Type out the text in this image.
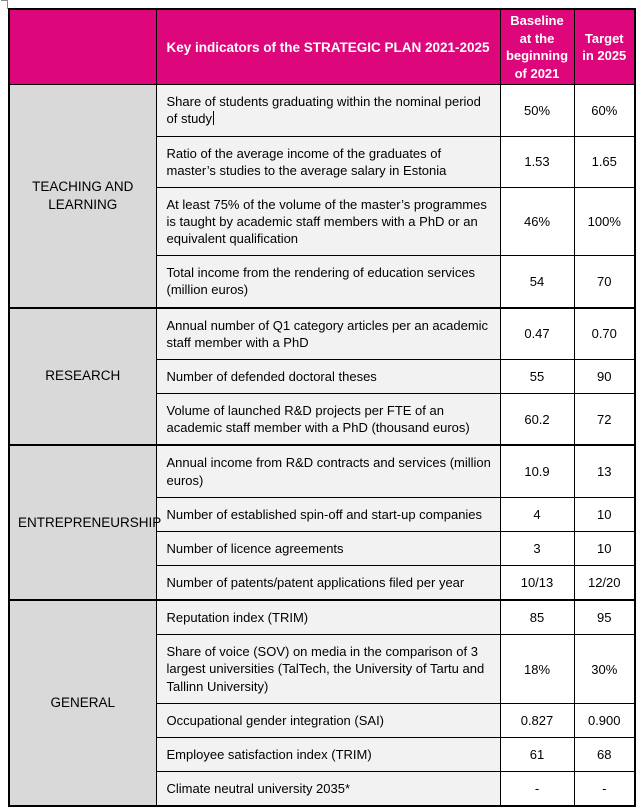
	Key indicators of the STRATEGIC PLAN 2021-2025	Baseline at the beginning of 2021	Target in 2025
TEACHING AND LEARNING	Share of students graduating within the nominal period of study	50%	60%
	Ratio of the average income of the graduates of master’s studies to the average salary in Estonia	1.53	1.65
	At least 75% of the volume of the master’s programmes is taught by academic staff members with a PhD or an equivalent qualification	46%	100%
	Total income from the rendering of education services (million euros)	54	70
RESEARCH	Annual number of Q1 category articles per an academic staff member with a PhD	0.47	0.70
	Number of defended doctoral theses	55	90
	Volume of launched R&D projects per FTE of an academic staff member with a PhD (thousand euros)	60.2	72
ENTREPRENEURSHIP	Annual income from R&D contracts and services (million euros)	10.9	13
	Number of established spin-off and start-up companies	4	10
	Number of licence agreements	3	10
	Number of patents/patent applications filed per year	10/13	12/20
GENERAL	Reputation index (TRIM)	85	95
	Share of voice (SOV) on media in the comparison of 3 largest universities (TalTech, the University of Tartu and Tallinn University)	18%	30%
	Occupational gender integration (SAI)	0.827	0.900
	Employee satisfaction index (TRIM)	61	68
	Climate neutral university 2035*	-	-
